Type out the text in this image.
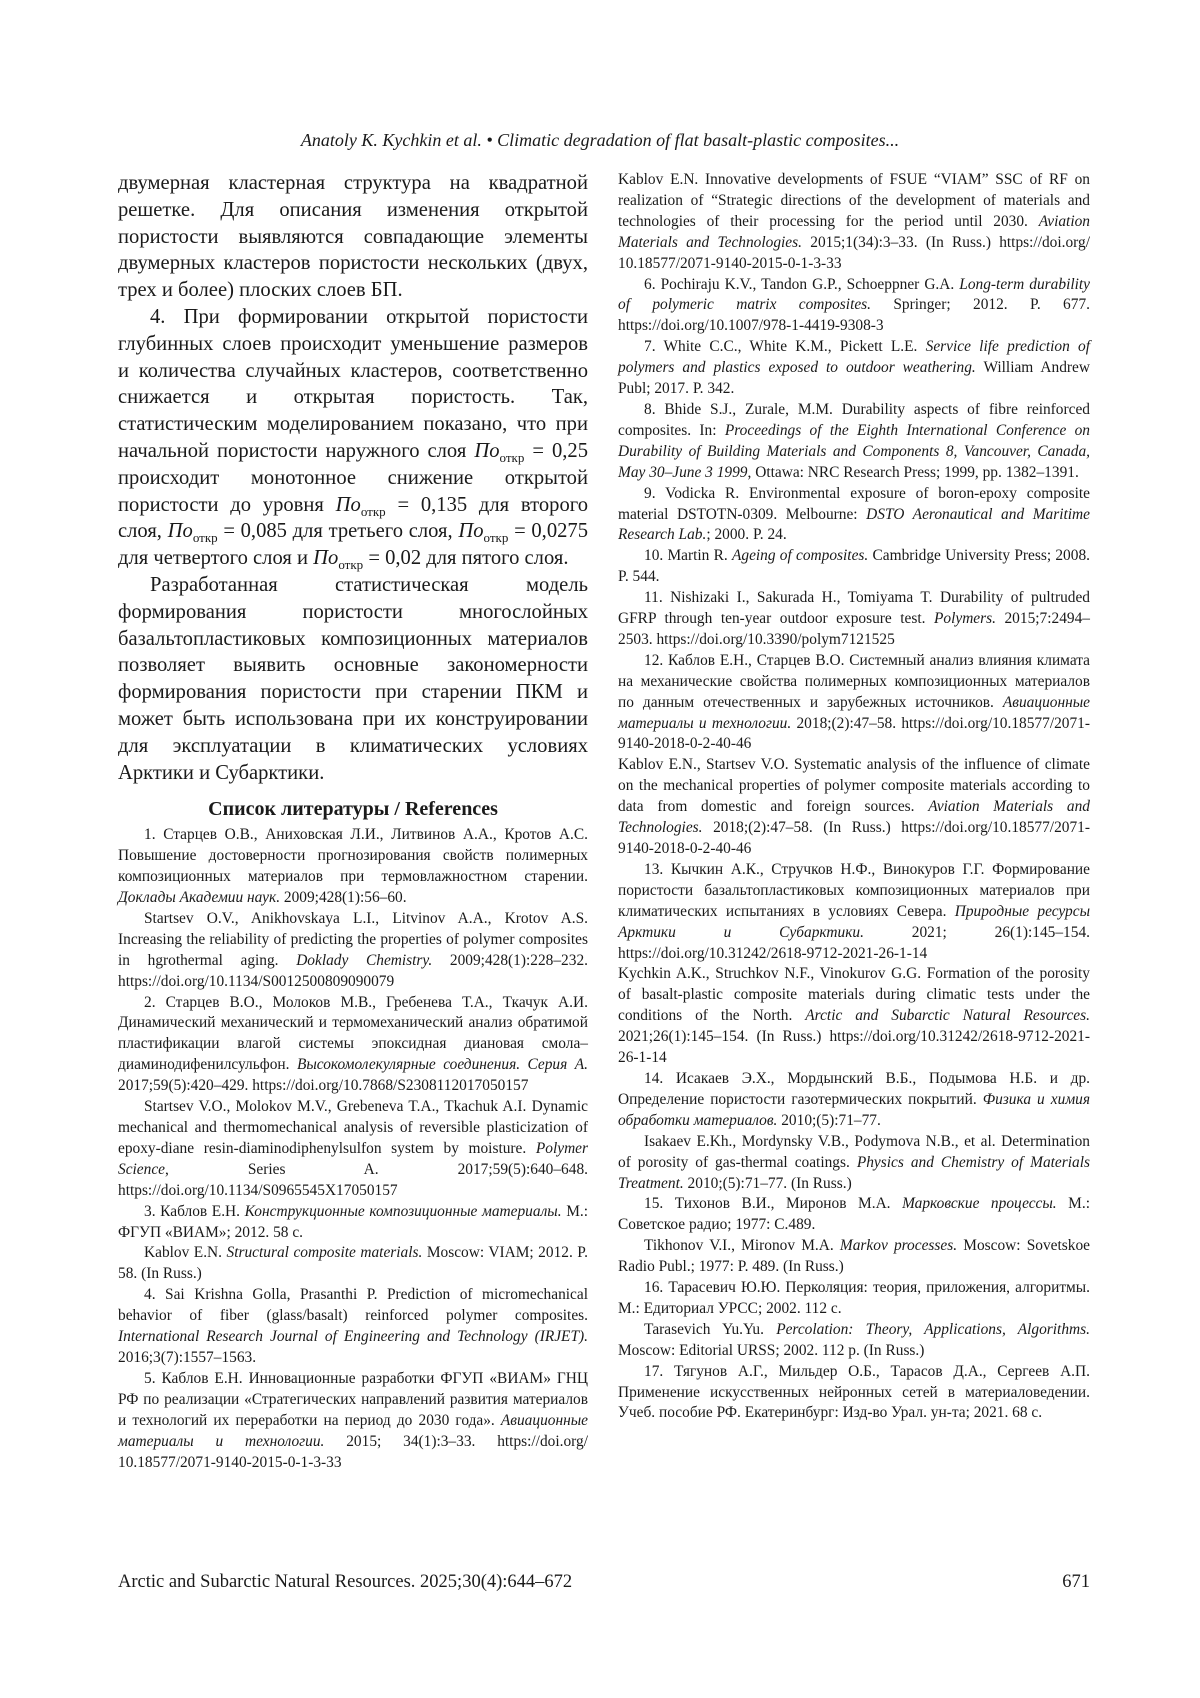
Anatoly K. Kychkin et al. • Climatic degradation of flat basalt-plastic composites...

двумерная кластерная структура на квадратной решетке. Для описания изменения открытой пористости выявляются совпадающие элементы двумерных кластеров пористости нескольких (двух, трех и более) плоских слоев БП.

4. При формировании открытой пористости глубинных слоев происходит уменьшение размеров и количества случайных кластеров, соответственно снижается и открытая пористость. Так, статистическим моделированием показано, что при начальной пористости наружного слоя $По_{откр} = 0,25$ происходит монотонное снижение открытой пористости до уровня $По_{откр} = 0,135$ для второго слоя, $По_{откр} = 0,085$ для третьего слоя, $По_{откр} = 0,0275$ для четвертого слоя и $По_{откр} = 0,02$ для пятого слоя.

Разработанная статистическая модель формирования пористости многослойных базальтопластиковых композиционных материалов позволяет выявить основные закономерности формирования пористости при старении ПКМ и может быть использована при их конструировании для эксплуатации в климатических условиях Арктики и Субарктики.

Список литературы / References

1. Старцев О.В., Аниховская Л.И., Литвинов А.А., Кротов А.С. Повышение достоверности прогнозирования свойств полимерных композиционных материалов при термовлажностном старении. Доклады Академии наук. 2009;428(1):56–60.

Startsev O.V., Anikhovskaya L.I., Litvinov A.A., Krotov A.S. Increasing the reliability of predicting the properties of polymer composites in hgrothermal aging. Doklady Chemistry. 2009;428(1):228–232. https://doi.org/10.1134/S0012500809090079

2. Старцев В.О., Молоков М.В., Гребенева Т.А., Ткачук А.И. Динамический механический и термомеханический анализ обратимой пластификации влагой системы эпоксидная диановая смола–диаминодифенилсульфон. Высокомолекулярные соединения. Серия А. 2017;59(5):420–429. https://doi.org/10.7868/S2308112017050157

Startsev V.O., Molokov M.V., Grebeneva T.A., Tkachuk A.I. Dynamic mechanical and thermomechanical analysis of reversible plasticization of epoxy-diane resin-diaminodiphenylsulfon system by moisture. Polymer Science, Series A. 2017;59(5):640–648. https://doi.org/10.1134/S0965545X17050157

3. Каблов Е.Н. Конструкционные композиционные материалы. М.: ФГУП «ВИАМ»; 2012. 58 с.

Kablov E.N. Structural composite materials. Moscow: VIAM; 2012. P. 58. (In Russ.)

4. Sai Krishna Golla, Prasanthi P. Prediction of micromechanical behavior of fiber (glass/basalt) reinforced polymer composites. International Research Journal of Engineering and Technology (IRJET). 2016;3(7):1557–1563.

5. Каблов Е.Н. Инновационные разработки ФГУП «ВИАМ» ГНЦ РФ по реализации «Стратегических направлений развития материалов и технологий их переработки на период до 2030 года». Авиационные материалы и технологии. 2015; 34(1):3–33. https://doi.org/ 10.18577/2071-9140-2015-0-1-3-33

Kablov E.N. Innovative developments of FSUE “VIAM” SSC of RF on realization of “Strategic directions of the development of materials and technologies of their processing for the period until 2030. Aviation Materials and Technologies. 2015;1(34):3–33. (In Russ.) https://doi.org/ 10.18577/2071-9140-2015-0-1-3-33

6. Pochiraju K.V., Tandon G.P., Schoeppner G.A. Long-term durability of polymeric matrix composites. Springer; 2012. P. 677. https://doi.org/10.1007/978-1-4419-9308-3

7. White C.C., White K.M., Pickett L.E. Service life prediction of polymers and plastics exposed to outdoor weathering. William Andrew Publ; 2017. P. 342.

8. Bhide S.J., Zurale, M.M. Durability aspects of fibre reinforced composites. In: Proceedings of the Eighth International Conference on Durability of Building Materials and Components 8, Vancouver, Canada, May 30–June 3 1999, Ottawa: NRC Research Press; 1999, pp. 1382–1391.

9. Vodicka R. Environmental exposure of boron-epoxy composite material DSTOTN-0309. Melbourne: DSTO Aeronautical and Maritime Research Lab.; 2000. P. 24.

10. Martin R. Ageing of composites. Cambridge University Press; 2008. P. 544.

11. Nishizaki I., Sakurada H., Tomiyama T. Durability of pultruded GFRP through ten-year outdoor exposure test. Polymers. 2015;7:2494–2503. https://doi.org/10.3390/polym7121525

12. Каблов Е.Н., Старцев В.О. Системный анализ влияния климата на механические свойства полимерных композиционных материалов по данным отечественных и зарубежных источников. Авиационные материалы и технологии. 2018;(2):47–58. https://doi.org/10.18577/2071-9140-2018-0-2-40-46

Kablov E.N., Startsev V.O. Systematic analysis of the influence of climate on the mechanical properties of polymer composite materials according to data from domestic and foreign sources. Aviation Materials and Technologies. 2018;(2):47–58. (In Russ.) https://doi.org/10.18577/2071-9140-2018-0-2-40-46

13. Кычкин А.К., Стручков Н.Ф., Винокуров Г.Г. Формирование пористости базальтопластиковых композиционных материалов при климатических испытаниях в условиях Севера. Природные ресурсы Арктики и Субарктики. 2021; 26(1):145–154. https://doi.org/10.31242/2618-9712-2021-26-1-14

Kychkin A.K., Struchkov N.F., Vinokurov G.G. Formation of the porosity of basalt-plastic composite materials during climatic tests under the conditions of the North. Arctic and Subarctic Natural Resources. 2021;26(1):145–154. (In Russ.) https://doi.org/10.31242/2618-9712-2021-26-1-14

14. Исакаев Э.Х., Мордынский В.Б., Подымова Н.Б. и др. Определение пористости газотермических покрытий. Физика и химия обработки материалов. 2010;(5):71–77.

Isakaev E.Kh., Mordynsky V.B., Podymova N.B., et al. Determination of porosity of gas-thermal coatings. Physics and Chemistry of Materials Treatment. 2010;(5):71–77. (In Russ.)

15. Тихонов В.И., Миронов М.А. Марковские процессы. М.: Советское радио; 1977: С.489.

Tikhonov V.I., Mironov M.A. Markov processes. Moscow: Sovetskoe Radio Publ.; 1977: P. 489. (In Russ.)

16. Тарасевич Ю.Ю. Перколяция: теория, приложения, алгоритмы. М.: Едиториал УРСС; 2002. 112 с.

Tarasevich Yu.Yu. Percolation: Theory, Applications, Algorithms. Moscow: Editorial URSS; 2002. 112 p. (In Russ.)

17. Тягунов А.Г., Мильдер О.Б., Тарасов Д.А., Сергеев А.П. Применение искусственных нейронных сетей в материаловедении. Учеб. пособие РФ. Екатеринбург: Изд-во Урал. ун-та; 2021. 68 с.

Arctic and Subarctic Natural Resources. 2025;30(4):644–672	671
